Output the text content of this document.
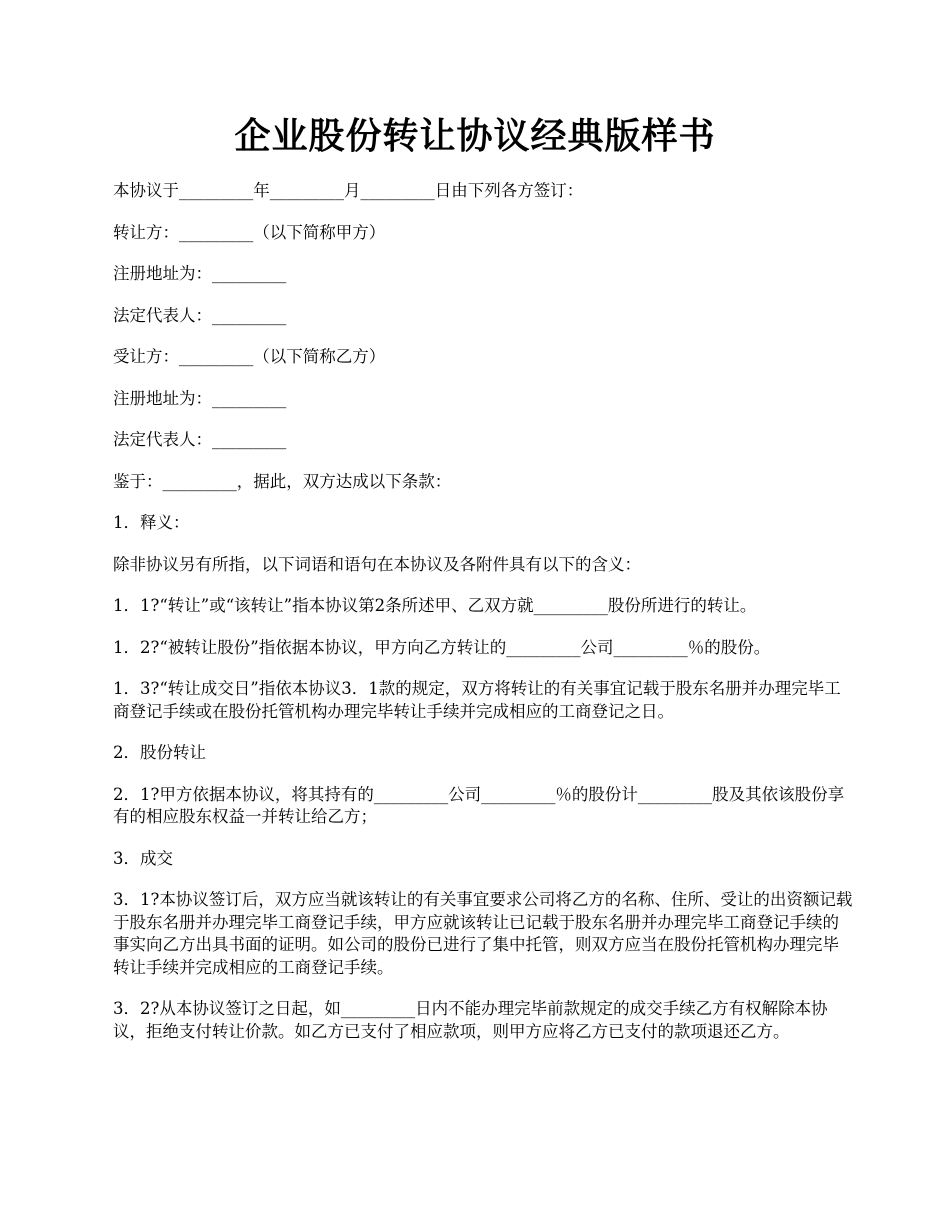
企业股份转让协议经典版样书

本协议于_________年_________月_________日由下列各方签订：

转让方：_________（以下简称甲方）

注册地址为：_________

法定代表人：_________

受让方：_________（以下简称乙方）

注册地址为：_________

法定代表人：_________

鉴于：_________，据此，双方达成以下条款：

1．释义：

除非协议另有所指，以下词语和语句在本协议及各附件具有以下的含义：

1．1?“转让”或“该转让”指本协议第2条所述甲、乙双方就_________股份所进行的转让。

1．2?“被转让股份”指依据本协议，甲方向乙方转让的_________公司_________％的股份。

1．3?“转让成交日”指依本协议3．1款的规定，双方将转让的有关事宜记载于股东名册并办理完毕工商登记手续或在股份托管机构办理完毕转让手续并完成相应的工商登记之日。

2．股份转让

2．1?甲方依据本协议，将其持有的_________公司_________％的股份计_________股及其依该股份享有的相应股东权益一并转让给乙方；

3．成交

3．1?本协议签订后，双方应当就该转让的有关事宜要求公司将乙方的名称、住所、受让的出资额记载于股东名册并办理完毕工商登记手续，甲方应就该转让已记载于股东名册并办理完毕工商登记手续的事实向乙方出具书面的证明。如公司的股份已进行了集中托管，则双方应当在股份托管机构办理完毕转让手续并完成相应的工商登记手续。

3．2?从本协议签订之日起，如_________日内不能办理完毕前款规定的成交手续乙方有权解除本协议，拒绝支付转让价款。如乙方已支付了相应款项，则甲方应将乙方已支付的款项退还乙方。
